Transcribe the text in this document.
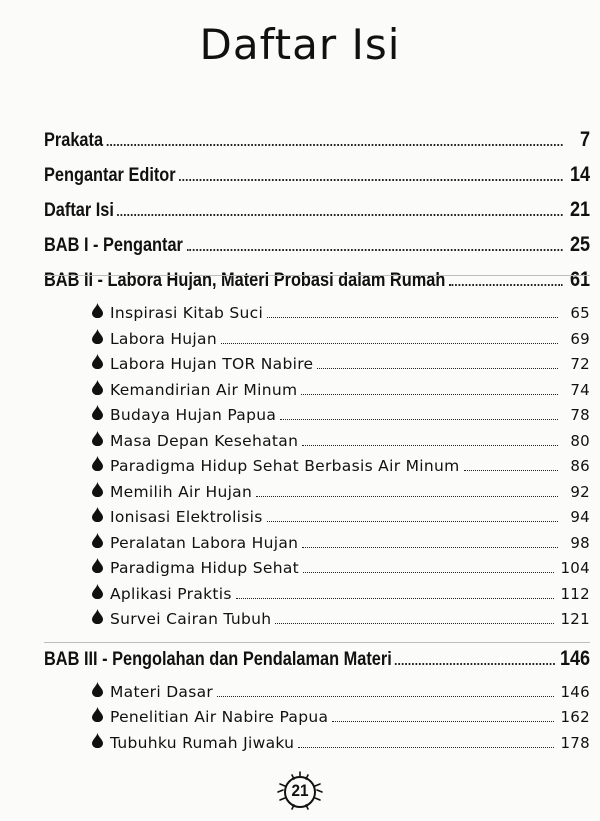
Daftar Isi
Prakata	7
Pengantar Editor	14
Daftar Isi	21
BAB I - Pengantar	25
BAB II - Labora Hujan, Materi Probasi dalam Rumah	61
Inspirasi Kitab Suci	65
Labora Hujan	69
Labora Hujan TOR Nabire	72
Kemandirian Air Minum	74
Budaya Hujan Papua	78
Masa Depan Kesehatan	80
Paradigma Hidup Sehat Berbasis Air Minum	86
Memilih Air Hujan	92
Ionisasi Elektrolisis	94
Peralatan Labora Hujan	98
Paradigma Hidup Sehat	104
Aplikasi Praktis	112
Survei Cairan Tubuh	121
BAB III - Pengolahan dan Pendalaman Materi	146
Materi Dasar	146
Penelitian Air Nabire Papua	162
Tubuhku Rumah Jiwaku	178
21
